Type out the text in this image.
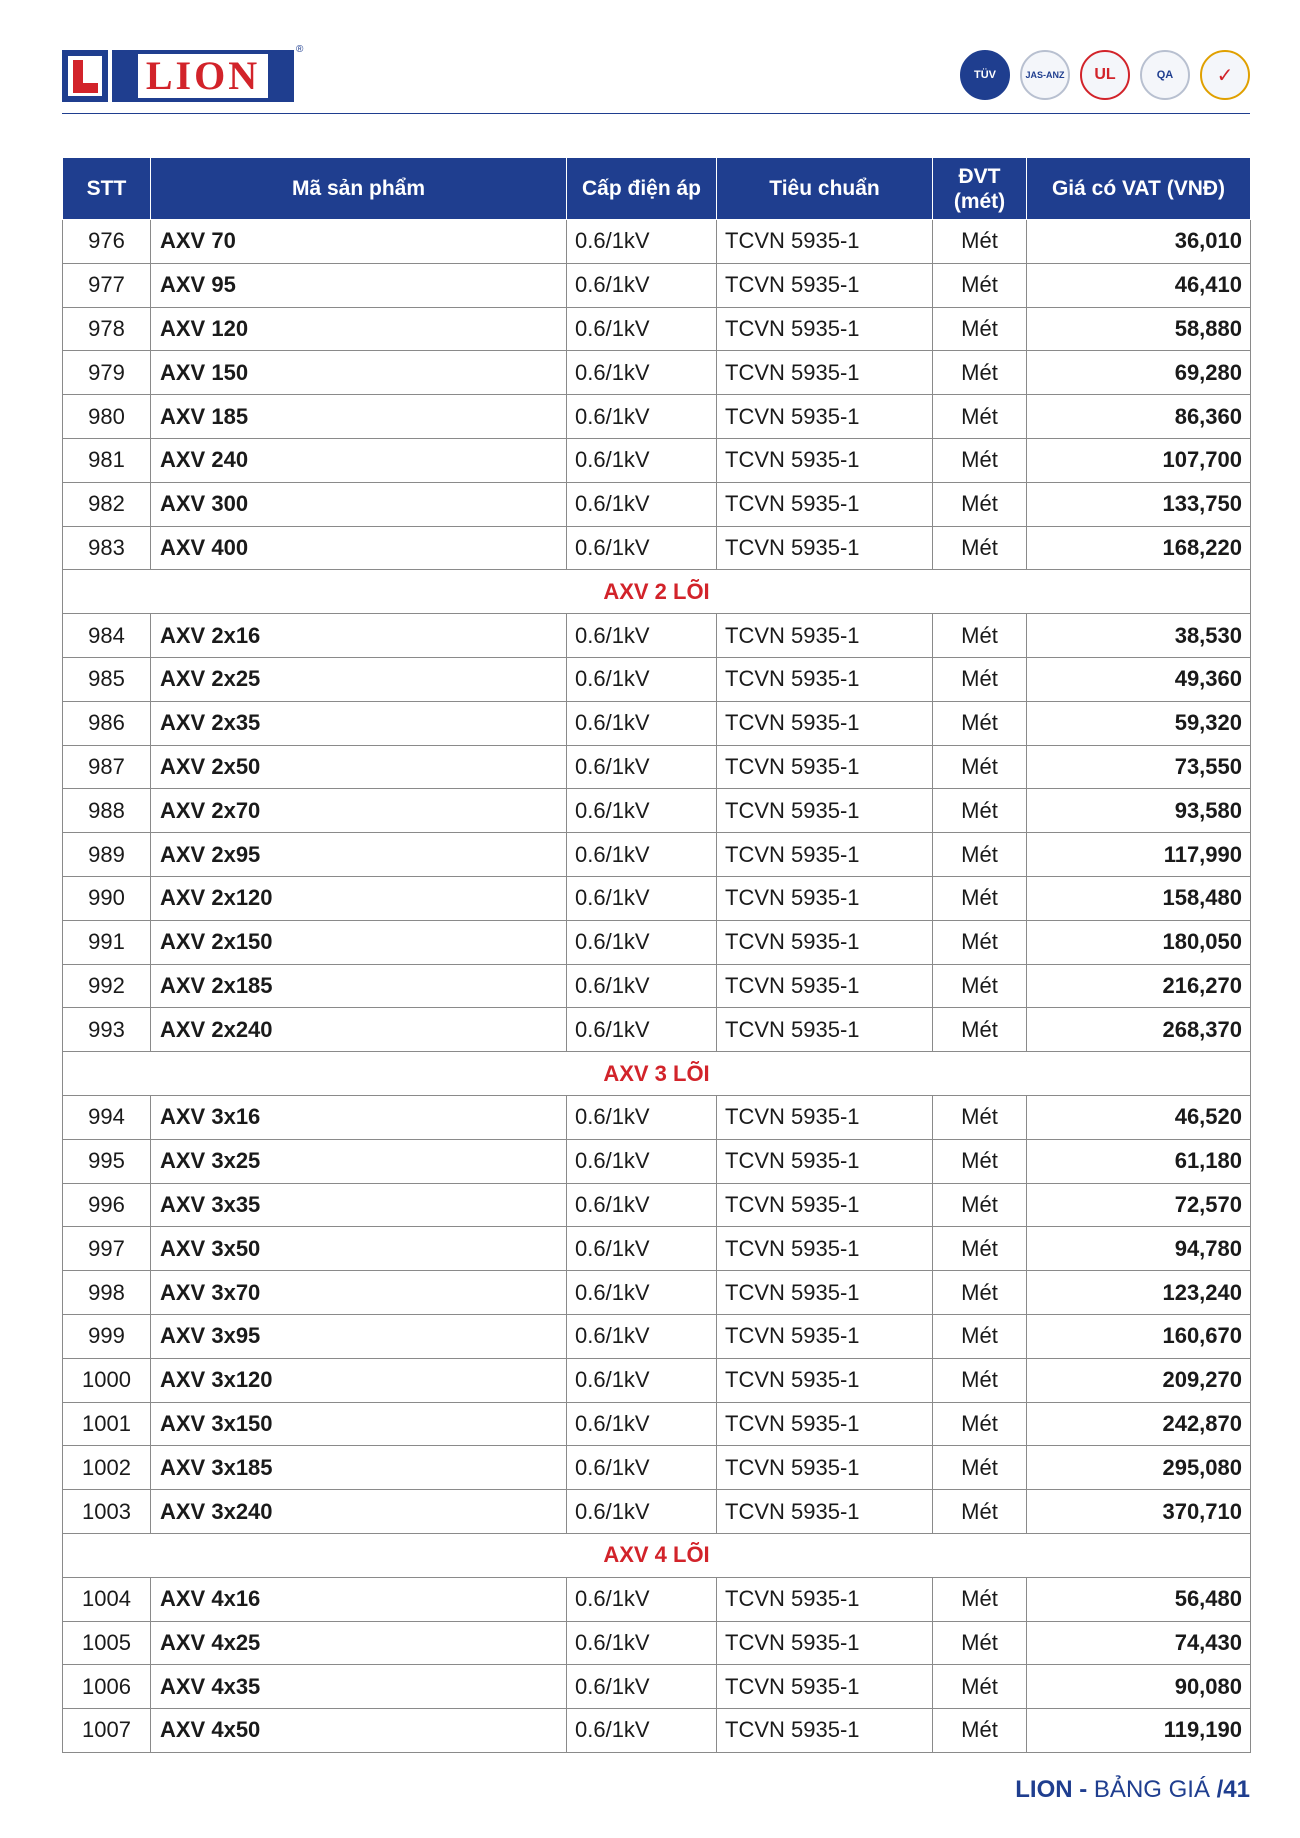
LION
®
TÜV	JAS-ANZ	UL	QA	✓
STT	Mã sản phẩm	Cấp điện áp	Tiêu chuẩn	ĐVT (mét)	Giá có VAT (VNĐ)
976	AXV 70	0.6/1kV	TCVN 5935-1	Mét	36,010
977	AXV 95	0.6/1kV	TCVN 5935-1	Mét	46,410
978	AXV 120	0.6/1kV	TCVN 5935-1	Mét	58,880
979	AXV 150	0.6/1kV	TCVN 5935-1	Mét	69,280
980	AXV 185	0.6/1kV	TCVN 5935-1	Mét	86,360
981	AXV 240	0.6/1kV	TCVN 5935-1	Mét	107,700
982	AXV 300	0.6/1kV	TCVN 5935-1	Mét	133,750
983	AXV 400	0.6/1kV	TCVN 5935-1	Mét	168,220
AXV 2 LÕI					
984	AXV 2x16	0.6/1kV	TCVN 5935-1	Mét	38,530
985	AXV 2x25	0.6/1kV	TCVN 5935-1	Mét	49,360
986	AXV 2x35	0.6/1kV	TCVN 5935-1	Mét	59,320
987	AXV 2x50	0.6/1kV	TCVN 5935-1	Mét	73,550
988	AXV 2x70	0.6/1kV	TCVN 5935-1	Mét	93,580
989	AXV 2x95	0.6/1kV	TCVN 5935-1	Mét	117,990
990	AXV 2x120	0.6/1kV	TCVN 5935-1	Mét	158,480
991	AXV 2x150	0.6/1kV	TCVN 5935-1	Mét	180,050
992	AXV 2x185	0.6/1kV	TCVN 5935-1	Mét	216,270
993	AXV 2x240	0.6/1kV	TCVN 5935-1	Mét	268,370
AXV 3 LÕI					
994	AXV 3x16	0.6/1kV	TCVN 5935-1	Mét	46,520
995	AXV 3x25	0.6/1kV	TCVN 5935-1	Mét	61,180
996	AXV 3x35	0.6/1kV	TCVN 5935-1	Mét	72,570
997	AXV 3x50	0.6/1kV	TCVN 5935-1	Mét	94,780
998	AXV 3x70	0.6/1kV	TCVN 5935-1	Mét	123,240
999	AXV 3x95	0.6/1kV	TCVN 5935-1	Mét	160,670
1000	AXV 3x120	0.6/1kV	TCVN 5935-1	Mét	209,270
1001	AXV 3x150	0.6/1kV	TCVN 5935-1	Mét	242,870
1002	AXV 3x185	0.6/1kV	TCVN 5935-1	Mét	295,080
1003	AXV 3x240	0.6/1kV	TCVN 5935-1	Mét	370,710
AXV 4 LÕI					
1004	AXV 4x16	0.6/1kV	TCVN 5935-1	Mét	56,480
1005	AXV 4x25	0.6/1kV	TCVN 5935-1	Mét	74,430
1006	AXV 4x35	0.6/1kV	TCVN 5935-1	Mét	90,080
1007	AXV 4x50	0.6/1kV	TCVN 5935-1	Mét	119,190
LION - BẢNG GIÁ /41
